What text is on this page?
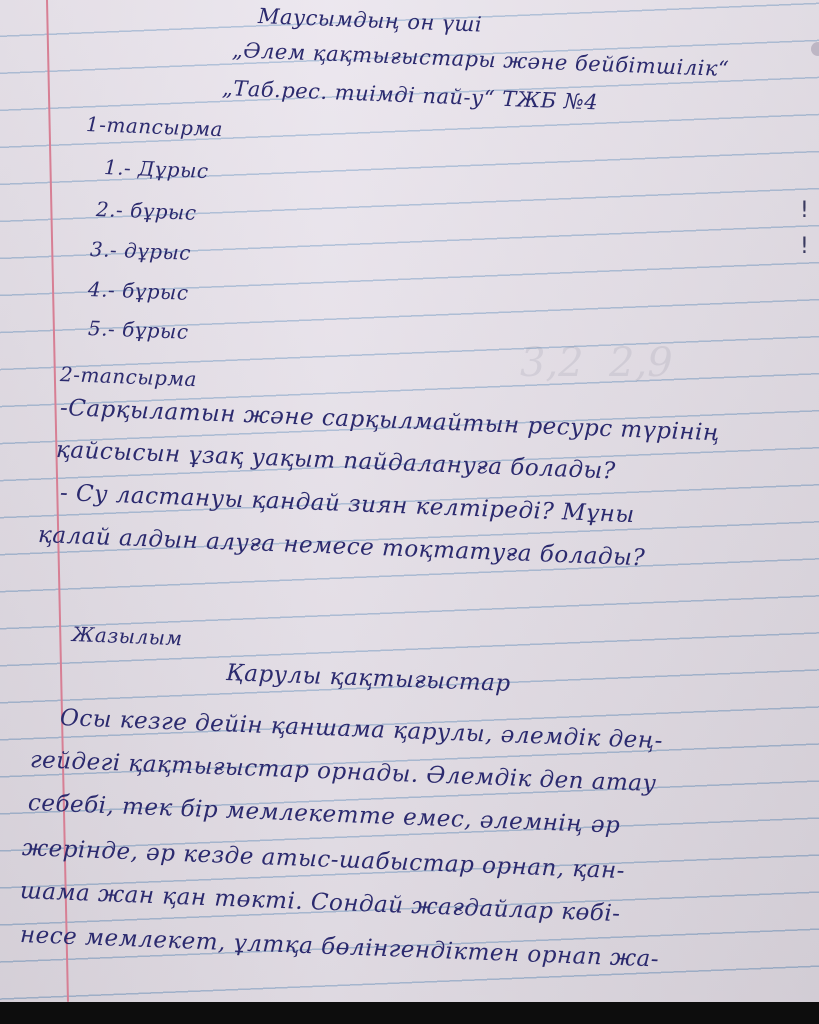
3,2  2,9
Маусымдың он үші
„Әлем қақтығыстары және бейбітшілік“
„Таб.рес. тиімді пай-у“ ТЖБ №4
1-тапсырма
1.- Дұрыс
2.- бұрыс
3.- дұрыс
4.- бұрыс
5.- бұрыс
2-тапсырма
-Сарқылатын және сарқылмайтын ресурс түрінің
қайсысын ұзақ уақыт пайдалануға болады?
- Су ластануы қандай зиян келтіреді? Мұны
қалай алдын алуға немесе тоқтатуға болады?
Жазылым
Қарулы қақтығыстар
Осы кезге дейін қаншама қарулы, әлемдік дең-
гейдегі қақтығыстар орнады. Әлемдік деп атау
себебі, тек бір мемлекетте емес, әлемнің әр
жерінде, әр кезде атыс-шабыстар орнап, қан-
шама жан қан төкті. Сондай жағдайлар көбі-
несе мемлекет, ұлтқа бөлінгендіктен орнап жа-
!
!
